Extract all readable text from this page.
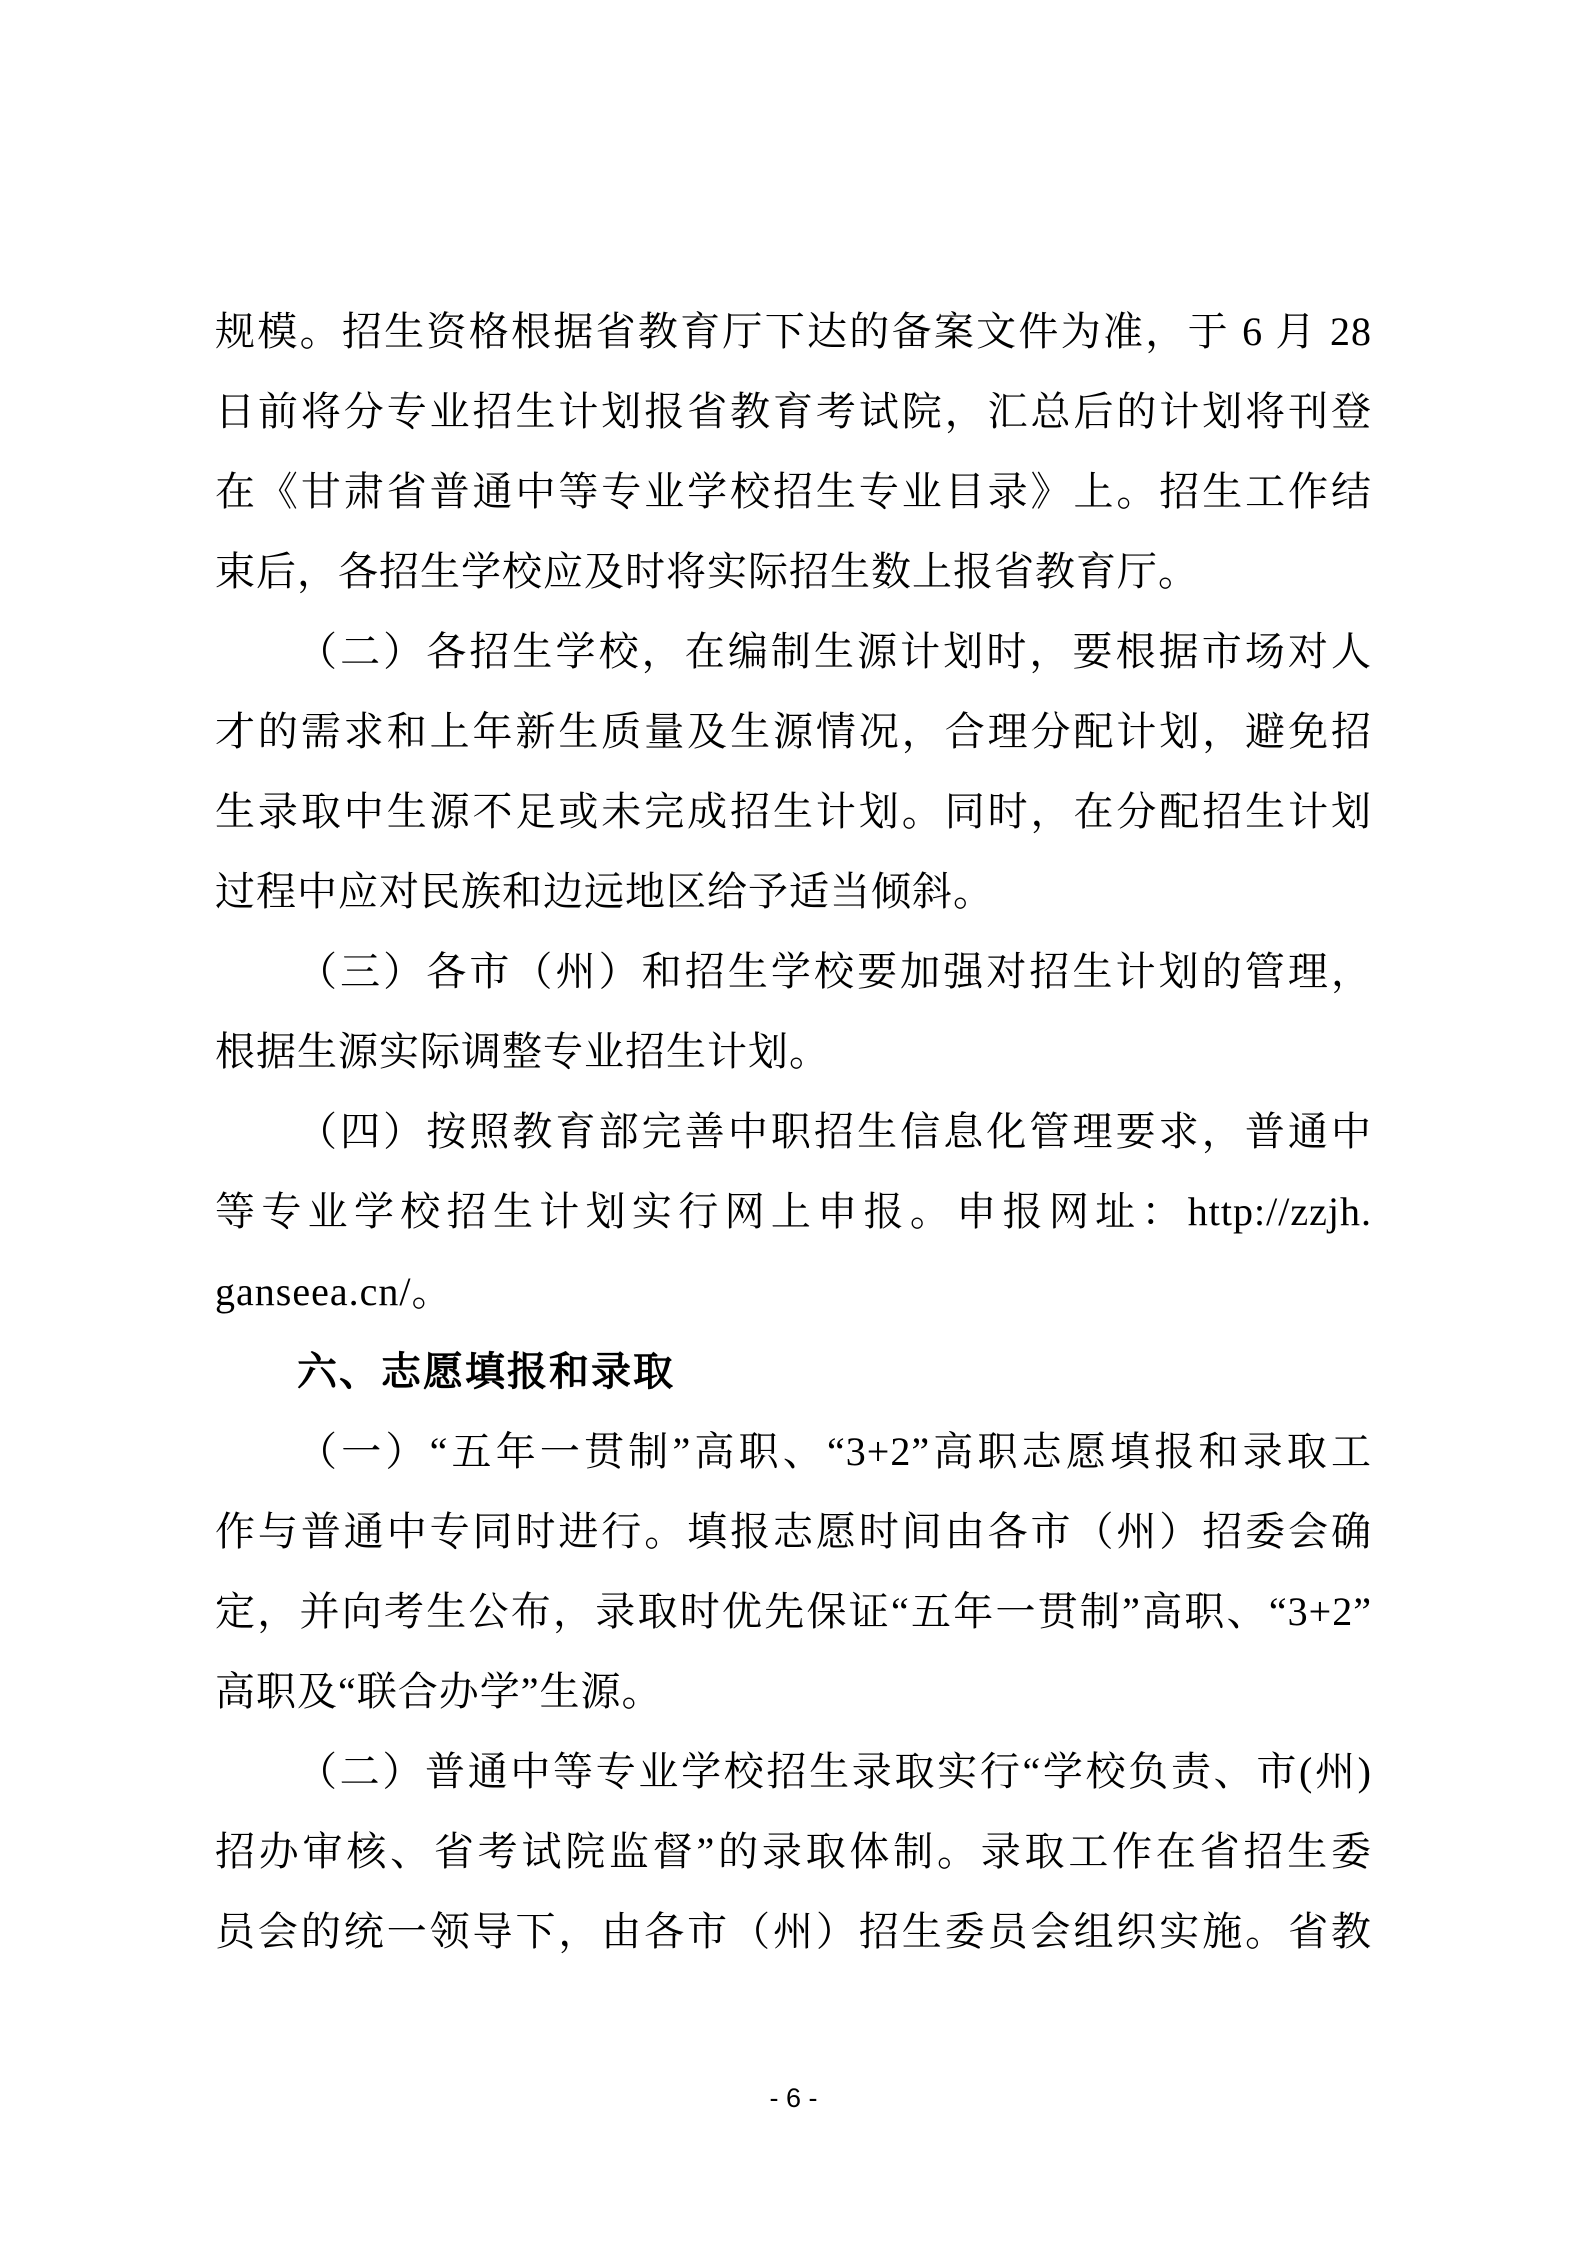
规模。招生资格根据省教育厅下达的备案文件为准，于 6 月 28
日前将分专业招生计划报省教育考试院，汇总后的计划将刊登
在《甘肃省普通中等专业学校招生专业目录》上。招生工作结
束后，各招生学校应及时将实际招生数上报省教育厅。
（二）各招生学校，在编制生源计划时，要根据市场对人
才的需求和上年新生质量及生源情况，合理分配计划，避免招
生录取中生源不足或未完成招生计划。同时，在分配招生计划
过程中应对民族和边远地区给予适当倾斜。
（三）各市（州）和招生学校要加强对招生计划的管理，
根据生源实际调整专业招生计划。
（四）按照教育部完善中职招生信息化管理要求，普通中
等专业学校招生计划实行网上申报。申报网址：http://zzjh.
ganseea.cn/。
六、志愿填报和录取
（一）“五年一贯制”高职、“3+2”高职志愿填报和录取工
作与普通中专同时进行。填报志愿时间由各市（州）招委会确
定，并向考生公布，录取时优先保证“五年一贯制”高职、“3+2”
高职及“联合办学”生源。
（二）普通中等专业学校招生录取实行“学校负责、市(州)
招办审核、省考试院监督”的录取体制。录取工作在省招生委
员会的统一领导下，由各市（州）招生委员会组织实施。省教
- 6 -
